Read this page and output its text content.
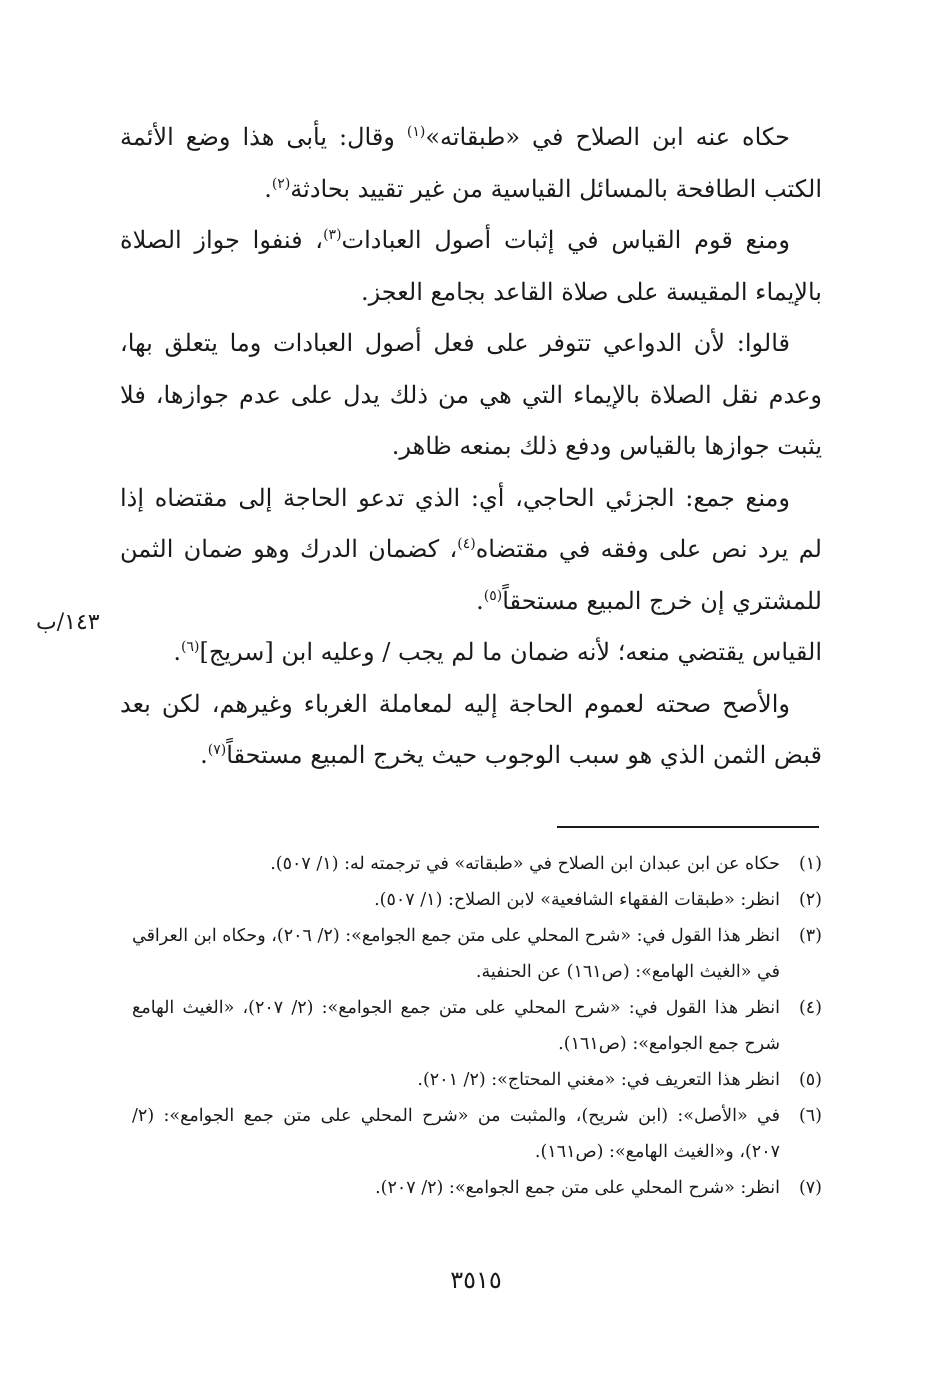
حكاه عنه ابن الصلاح في «طبقاته»$^{(١)}$ وقال: يأبى هذا وضع الأئمة الكتب الطافحة بالمسائل القياسية من غير تقييد بحادثة$^{(٢)}$.

ومنع قوم القياس في إثبات أصول العبادات$^{(٣)}$، فنفوا جواز الصلاة بالإيماء المقيسة على صلاة القاعد بجامع العجز.

قالوا: لأن الدواعي تتوفر على فعل أصول العبادات وما يتعلق بها، وعدم نقل الصلاة بالإيماء التي هي من ذلك يدل على عدم جوازها، فلا يثبت جوازها بالقياس ودفع ذلك بمنعه ظاهر.

ومنع جمع: الجزئي الحاجي، أي: الذي تدعو الحاجة إلى مقتضاه إذا لم يرد نص على وفقه في مقتضاه$^{(٤)}$، كضمان الدرك وهو ضمان الثمن للمشتري إن خرج المبيع مستحقاً$^{(٥)}$.

القياس يقتضي منعه؛ لأنه ضمان ما لم يجب / وعليه ابن [سريج]$^{(٦)}$.

والأصح صحته لعموم الحاجة إليه لمعاملة الغرباء وغيرهم، لكن بعد قبض الثمن الذي هو سبب الوجوب حيث يخرج المبيع مستحقاً$^{(٧)}$.

١٤٣/ب
(١)
حكاه عن ابن عبدان ابن الصلاح في «طبقاته» في ترجمته له: (١/ ٥٠٧).
(٢)
انظر: «طبقات الفقهاء الشافعية» لابن الصلاح: (١/ ٥٠٧).
(٣)
انظر هذا القول في: «شرح المحلي على متن جمع الجوامع»: (٢/ ٢٠٦)، وحكاه ابن العراقي في «الغيث الهامع»: (ص١٦١) عن الحنفية.
(٤)
انظر هذا القول في: «شرح المحلي على متن جمع الجوامع»: (٢/ ٢٠٧)، «الغيث الهامع شرح جمع الجوامع»: (ص١٦١).
(٥)
انظر هذا التعريف في: «مغني المحتاج»: (٢/ ٢٠١).
(٦)
في «الأصل»: (ابن شريح)، والمثبت من «شرح المحلي على متن جمع الجوامع»: (٢/ ٢٠٧)، و«الغيث الهامع»: (ص١٦١).
(٧)
انظر: «شرح المحلي على متن جمع الجوامع»: (٢/ ٢٠٧).
٣٥١٥
